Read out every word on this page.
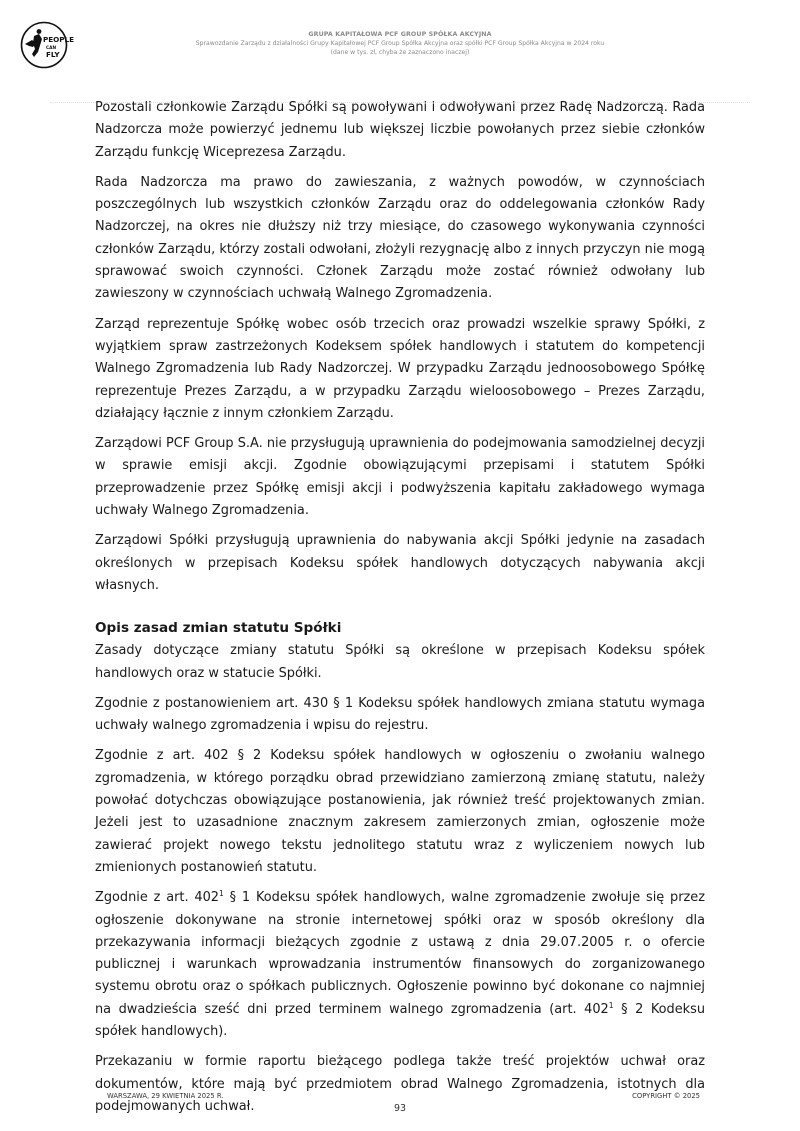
PEOPLE
CAN
FLY
GRUPA KAPITAŁOWA PCF GROUP SPÓŁKA AKCYJNA
Sprawozdanie Zarządu z działalności Grupy Kapitałowej PCF Group Spółka Akcyjna oraz spółki PCF Group Spółka Akcyjna w 2024 roku
(dane w tys. zł, chyba że zaznaczono inaczej)

Pozostali członkowie Zarządu Spółki są powoływani i odwoływani przez Radę Nadzorczą. Rada Nadzorcza może powierzyć jednemu lub większej liczbie powołanych przez siebie członków Zarządu funkcję Wiceprezesa Zarządu.

Rada Nadzorcza ma prawo do zawieszania, z ważnych powodów, w czynnościach poszczególnych lub wszystkich członków Zarządu oraz do oddelegowania członków Rady Nadzorczej, na okres nie dłuższy niż trzy miesiące, do czasowego wykonywania czynności członków Zarządu, którzy zostali odwołani, złożyli rezygnację albo z innych przyczyn nie mogą sprawować swoich czynności. Członek Zarządu może zostać również odwołany lub zawieszony w czynnościach uchwałą Walnego Zgromadzenia.

Zarząd reprezentuje Spółkę wobec osób trzecich oraz prowadzi wszelkie sprawy Spółki, z wyjątkiem spraw zastrzeżonych Kodeksem spółek handlowych i statutem do kompetencji Walnego Zgromadzenia lub Rady Nadzorczej. W przypadku Zarządu jednoosobowego Spółkę reprezentuje Prezes Zarządu, a w przypadku Zarządu wieloosobowego – Prezes Zarządu, działający łącznie z innym członkiem Zarządu.

Zarządowi PCF Group S.A. nie przysługują uprawnienia do podejmowania samodzielnej decyzji w sprawie emisji akcji. Zgodnie obowiązującymi przepisami i statutem Spółki przeprowadzenie przez Spółkę emisji akcji i podwyższenia kapitału zakładowego wymaga uchwały Walnego Zgromadzenia.

Zarządowi Spółki przysługują uprawnienia do nabywania akcji Spółki jedynie na zasadach określonych w przepisach Kodeksu spółek handlowych dotyczących nabywania akcji własnych.

Opis zasad zmian statutu Spółki

Zasady dotyczące zmiany statutu Spółki są określone w przepisach Kodeksu spółek handlowych oraz w statucie Spółki.

Zgodnie z postanowieniem art. 430 § 1 Kodeksu spółek handlowych zmiana statutu wymaga uchwały walnego zgromadzenia i wpisu do rejestru.

Zgodnie z art. 402 § 2 Kodeksu spółek handlowych w ogłoszeniu o zwołaniu walnego zgromadzenia, w którego porządku obrad przewidziano zamierzoną zmianę statutu, należy powołać dotychczas obowiązujące postanowienia, jak również treść projektowanych zmian. Jeżeli jest to uzasadnione znacznym zakresem zamierzonych zmian, ogłoszenie może zawierać projekt nowego tekstu jednolitego statutu wraz z wyliczeniem nowych lub zmienionych postanowień statutu.

Zgodnie z art. $402^1$ § 1 Kodeksu spółek handlowych, walne zgromadzenie zwołuje się przez ogłoszenie dokonywane na stronie internetowej spółki oraz w sposób określony dla przekazywania informacji bieżących zgodnie z ustawą z dnia 29.07.2005 r. o ofercie publicznej i warunkach wprowadzania instrumentów finansowych do zorganizowanego systemu obrotu oraz o spółkach publicznych. Ogłoszenie powinno być dokonane co najmniej na dwadzieścia sześć dni przed terminem walnego zgromadzenia (art. $402^1$ § 2 Kodeksu spółek handlowych).

Przekazaniu w formie raportu bieżącego podlega także treść projektów uchwał oraz dokumentów, które mają być przedmiotem obrad Walnego Zgromadzenia, istotnych dla podejmowanych uchwał.

WARSZAWA, 29 KWIETNIA 2025 R.	COPYRIGHT © 2025
93
